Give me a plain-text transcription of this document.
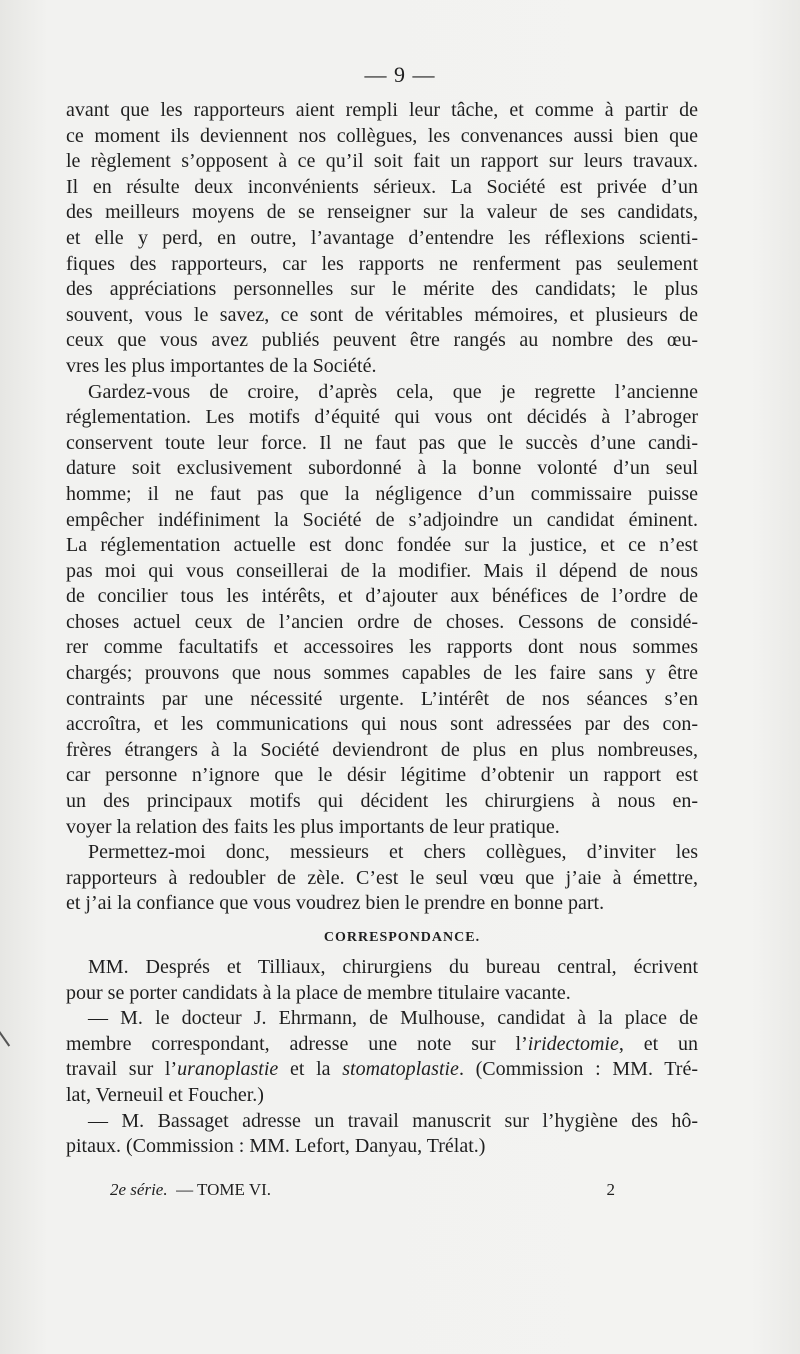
— 9 —
avant que les rapporteurs aient rempli leur tâche, et comme à partir de
ce moment ils deviennent nos collègues, les convenances aussi bien que
le règlement s’opposent à ce qu’il soit fait un rapport sur leurs travaux.
Il en résulte deux inconvénients sérieux. La Société est privée d’un
des meilleurs moyens de se renseigner sur la valeur de ses candidats,
et elle y perd, en outre, l’avantage d’entendre les réflexions scienti-
fiques des rapporteurs, car les rapports ne renferment pas seulement
des appréciations personnelles sur le mérite des candidats; le plus
souvent, vous le savez, ce sont de véritables mémoires, et plusieurs de
ceux que vous avez publiés peuvent être rangés au nombre des œu-
vres les plus importantes de la Société.
Gardez-vous de croire, d’après cela, que je regrette l’ancienne
réglementation. Les motifs d’équité qui vous ont décidés à l’abroger
conservent toute leur force. Il ne faut pas que le succès d’une candi-
dature soit exclusivement subordonné à la bonne volonté d’un seul
homme; il ne faut pas que la négligence d’un commissaire puisse
empêcher indéfiniment la Société de s’adjoindre un candidat éminent.
La réglementation actuelle est donc fondée sur la justice, et ce n’est
pas moi qui vous conseillerai de la modifier. Mais il dépend de nous
de concilier tous les intérêts, et d’ajouter aux bénéfices de l’ordre de
choses actuel ceux de l’ancien ordre de choses. Cessons de considé-
rer comme facultatifs et accessoires les rapports dont nous sommes
chargés; prouvons que nous sommes capables de les faire sans y être
contraints par une nécessité urgente. L’intérêt de nos séances s’en
accroîtra, et les communications qui nous sont adressées par des con-
frères étrangers à la Société deviendront de plus en plus nombreuses,
car personne n’ignore que le désir légitime d’obtenir un rapport est
un des principaux motifs qui décident les chirurgiens à nous en-
voyer la relation des faits les plus importants de leur pratique.
Permettez-moi donc, messieurs et chers collègues, d’inviter les
rapporteurs à redoubler de zèle. C’est le seul vœu que j’aie à émettre,
et j’ai la confiance que vous voudrez bien le prendre en bonne part.
CORRESPONDANCE.
MM. Després et Tilliaux, chirurgiens du bureau central, écrivent
pour se porter candidats à la place de membre titulaire vacante.
— M. le docteur J. Ehrmann, de Mulhouse, candidat à la place de
membre correspondant, adresse une note sur l’iridectomie, et un
travail sur l’uranoplastie et la stomatoplastie. (Commission : MM. Tré-
lat, Verneuil et Foucher.)
— M. Bassaget adresse un travail manuscrit sur l’hygiène des hô-
pitaux. (Commission : MM. Lefort, Danyau, Trélat.)
2e série. — TOME VI.	2
